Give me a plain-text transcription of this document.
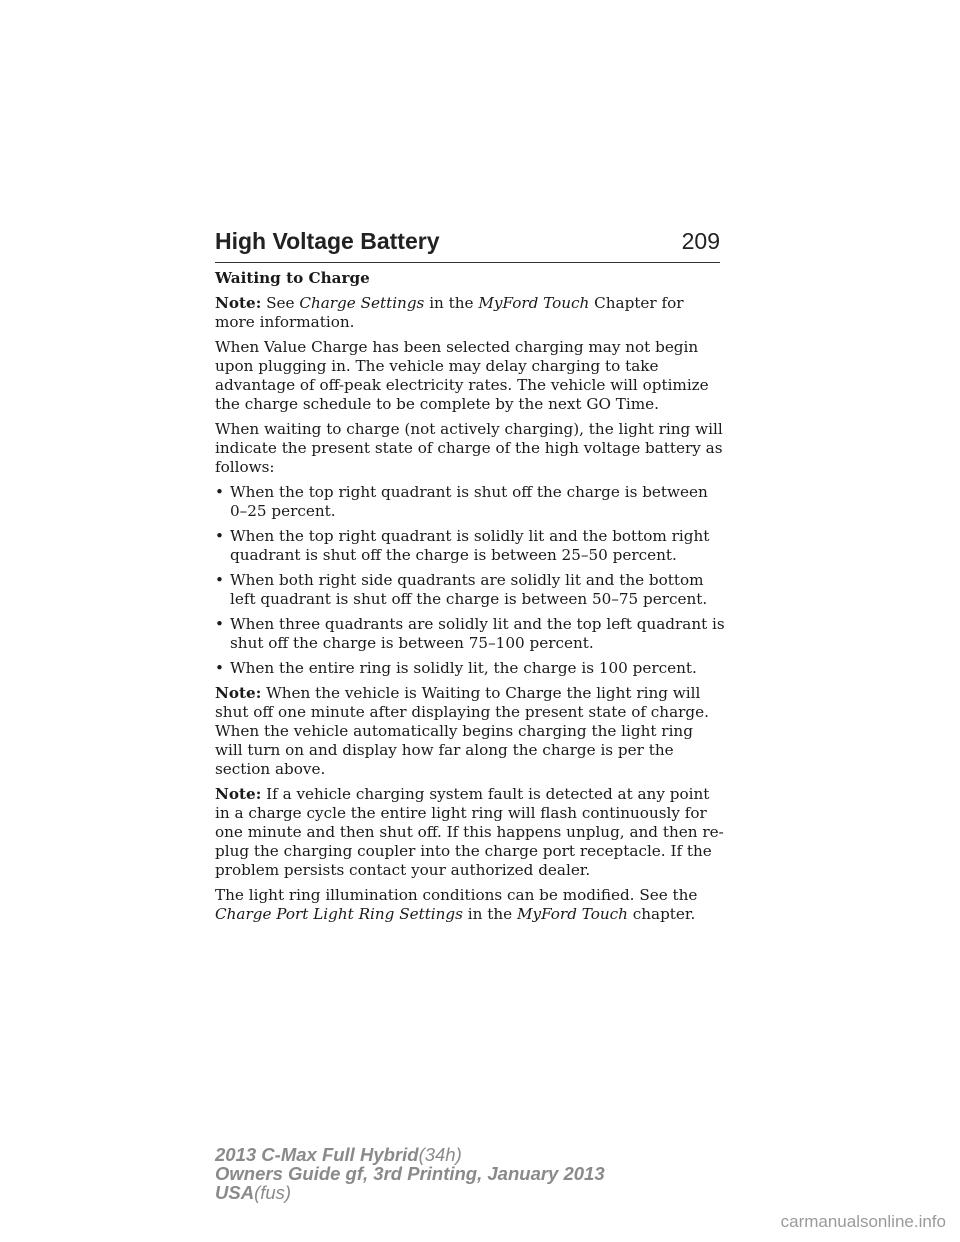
High Voltage Battery	209

Waiting to Charge

Note: See Charge Settings in the MyFord Touch Chapter for more information.

When Value Charge has been selected charging may not begin upon plugging in. The vehicle may delay charging to take advantage of off-peak electricity rates. The vehicle will optimize the charge schedule to be complete by the next GO Time.

When waiting to charge (not actively charging), the light ring will indicate the present state of charge of the high voltage battery as follows:

• When the top right quadrant is shut off the charge is between 0–25 percent.
• When the top right quadrant is solidly lit and the bottom right quadrant is shut off the charge is between 25–50 percent.
• When both right side quadrants are solidly lit and the bottom left quadrant is shut off the charge is between 50–75 percent.
• When three quadrants are solidly lit and the top left quadrant is shut off the charge is between 75–100 percent.
• When the entire ring is solidly lit, the charge is 100 percent.

Note: When the vehicle is Waiting to Charge the light ring will shut off one minute after displaying the present state of charge. When the vehicle automatically begins charging the light ring will turn on and display how far along the charge is per the section above.

Note: If a vehicle charging system fault is detected at any point in a charge cycle the entire light ring will flash continuously for one minute and then shut off. If this happens unplug, and then re-plug the charging coupler into the charge port receptacle. If the problem persists contact your authorized dealer.

The light ring illumination conditions can be modified. See the Charge Port Light Ring Settings in the MyFord Touch chapter.

2013 C-Max Full Hybrid(34h)
Owners Guide gf, 3rd Printing, January 2013
USA(fus)
carmanualsonline.info
